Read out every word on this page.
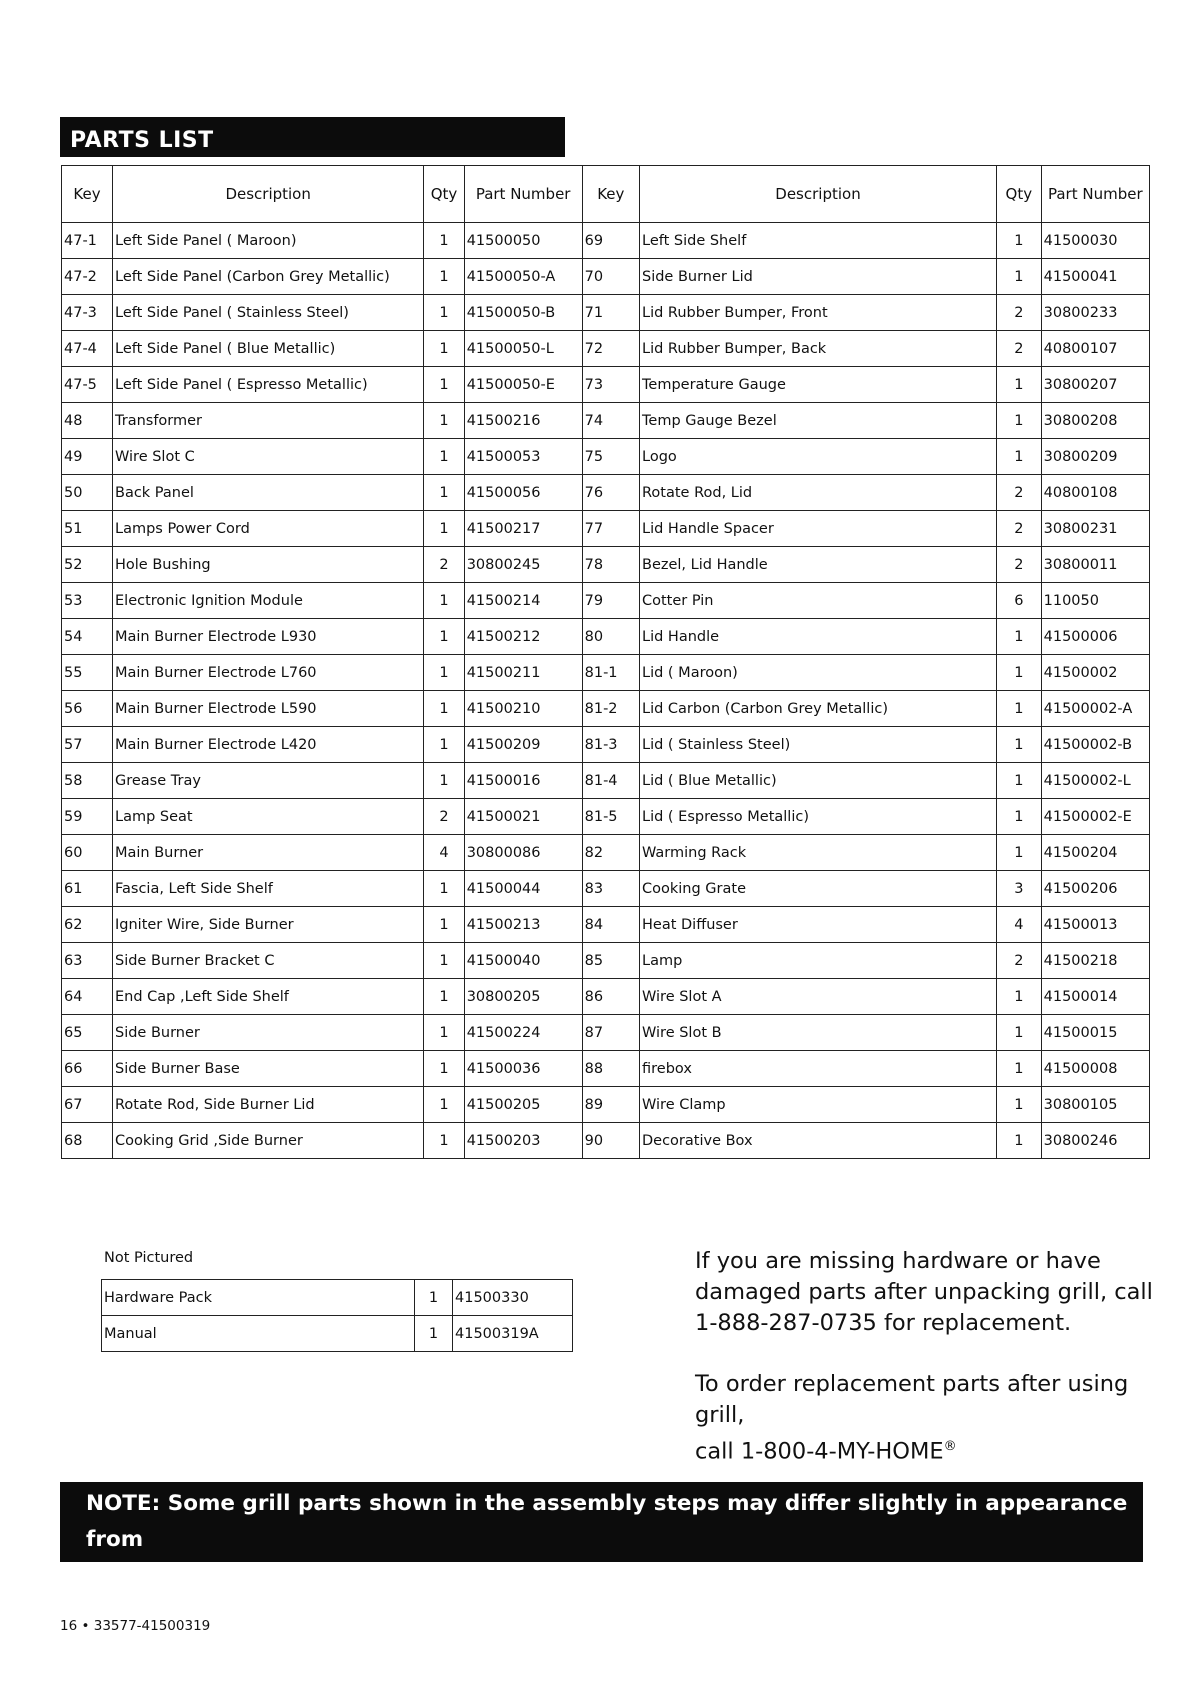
PARTS LIST
Key	Description	Qty	Part Number	Key	Description	Qty	Part Number
47-1	Left Side Panel ( Maroon)	1	41500050	69	Left Side Shelf	1	41500030
47-2	Left Side Panel (Carbon Grey Metallic)	1	41500050-A	70	Side Burner Lid	1	41500041
47-3	Left Side Panel ( Stainless Steel)	1	41500050-B	71	Lid Rubber Bumper, Front	2	30800233
47-4	Left Side Panel ( Blue Metallic)	1	41500050-L	72	Lid Rubber Bumper, Back	2	40800107
47-5	Left Side Panel ( Espresso Metallic)	1	41500050-E	73	Temperature Gauge	1	30800207
48	Transformer	1	41500216	74	Temp Gauge Bezel	1	30800208
49	Wire Slot C	1	41500053	75	Logo	1	30800209
50	Back Panel	1	41500056	76	Rotate Rod, Lid	2	40800108
51	Lamps Power Cord	1	41500217	77	Lid Handle Spacer	2	30800231
52	Hole Bushing	2	30800245	78	Bezel, Lid Handle	2	30800011
53	Electronic Ignition Module	1	41500214	79	Cotter Pin	6	110050
54	Main Burner Electrode L930	1	41500212	80	Lid Handle	1	41500006
55	Main Burner Electrode L760	1	41500211	81-1	Lid ( Maroon)	1	41500002
56	Main Burner Electrode L590	1	41500210	81-2	Lid Carbon (Carbon Grey Metallic)	1	41500002-A
57	Main Burner Electrode L420	1	41500209	81-3	Lid ( Stainless Steel)	1	41500002-B
58	Grease Tray	1	41500016	81-4	Lid ( Blue Metallic)	1	41500002-L
59	Lamp Seat	2	41500021	81-5	Lid ( Espresso Metallic)	1	41500002-E
60	Main Burner	4	30800086	82	Warming Rack	1	41500204
61	Fascia, Left Side Shelf	1	41500044	83	Cooking Grate	3	41500206
62	Igniter Wire, Side Burner	1	41500213	84	Heat Diffuser	4	41500013
63	Side Burner Bracket C	1	41500040	85	Lamp	2	41500218
64	End Cap ,Left Side Shelf	1	30800205	86	Wire Slot A	1	41500014
65	Side Burner	1	41500224	87	Wire Slot B	1	41500015
66	Side Burner Base	1	41500036	88	firebox	1	41500008
67	Rotate Rod, Side Burner Lid	1	41500205	89	Wire Clamp	1	30800105
68	Cooking Grid ,Side Burner	1	41500203	90	Decorative Box	1	30800246
Not Pictured
Hardware Pack	1	41500330
Manual	1	41500319A
If you are missing hardware or have damaged parts after unpacking grill, call 1-888-287-0735 for replacement.
To order replacement parts after using grill,
call 1-800-4-MY-HOME®
NOTE: Some grill parts shown in the assembly steps may differ slightly in appearance from
Those on your particular grill model. However, the method of assembly remains the same.
16 • 33577-41500319
